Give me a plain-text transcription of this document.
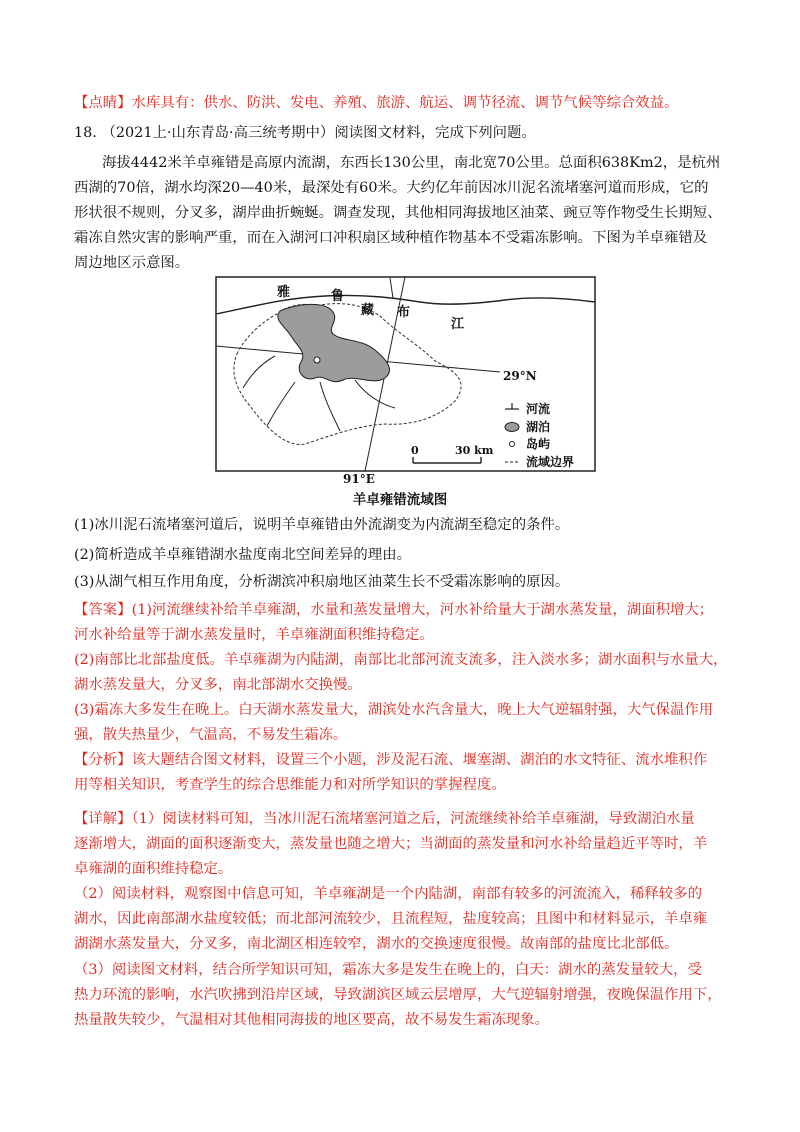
【点睛】水库具有：供水、防洪、发电、养殖、旅游、航运、调节径流、调节气候等综合效益。
18. （2021上·山东青岛·高三统考期中）阅读图文材料，完成下列问题。
海拔4442米羊卓雍错是高原内流湖，东西长130公里，南北宽70公里。总面积638Km2，是杭州
西湖的70倍，湖水均深20—40米，最深处有60米。大约亿年前因冰川泥名流堵塞河道而形成，它的
形状很不规则，分叉多，湖岸曲折蜿蜒。调查发现，其他相同海拔地区油菜、豌豆等作物受生长期短、
霜冻自然灾害的影响严重，而在入湖河口冲积扇区域种植作物基本不受霜冻影响。下图为羊卓雍错及
周边地区示意图。
雅	鲁
藏 布
江
29°N
河流
湖泊
岛屿
流域边界
0	30 km
91°E
羊卓雍错流域图
(1)冰川泥石流堵塞河道后，说明羊卓雍错由外流湖变为内流湖至稳定的条件。
(2)简析造成羊卓雍错湖水盐度南北空间差异的理由。
(3)从湖气相互作用角度，分析湖滨冲积扇地区油菜生长不受霜冻影响的原因。
【答案】(1)河流继续补给羊卓雍湖，水量和蒸发量增大，河水补给量大于湖水蒸发量，湖面积增大；
河水补给量等于湖水蒸发量时，羊卓雍湖面积维持稳定。
(2)南部比北部盐度低。羊卓雍湖为内陆湖，南部比北部河流支流多，注入淡水多；湖水面积与水量大，
湖水蒸发量大，分叉多，南北部湖水交换慢。
(3)霜冻大多发生在晚上。白天湖水蒸发量大，湖滨处水汽含量大，晚上大气逆辐射强，大气保温作用
强，散失热量少，气温高，不易发生霜冻。
【分析】该大题结合图文材料，设置三个小题，涉及泥石流、堰塞湖、湖泊的水文特征、流水堆积作
用等相关知识，考查学生的综合思维能力和对所学知识的掌握程度。
【详解】（1）阅读材料可知，当冰川泥石流堵塞河道之后，河流继续补给羊卓雍湖，导致湖泊水量
逐渐增大，湖面的面积逐渐变大，蒸发量也随之增大；当湖面的蒸发量和河水补给量趋近平等时，羊
卓雍湖的面积维持稳定。
（2）阅读材料，观察图中信息可知，羊卓雍湖是一个内陆湖，南部有较多的河流流入，稀释较多的
湖水，因此南部湖水盐度较低；而北部河流较少，且流程短，盐度较高；且图中和材料显示，羊卓雍
湖湖水蒸发量大，分叉多，南北湖区相连较窄，湖水的交换速度很慢。故南部的盐度比北部低。
（3）阅读图文材料，结合所学知识可知，霜冻大多是发生在晚上的，白天：湖水的蒸发量较大，受
热力环流的影响，水汽吹拂到沿岸区域，导致湖滨区域云层增厚，大气逆辐射增强，夜晚保温作用下，
热量散失较少，气温相对其他相同海拔的地区要高，故不易发生霜冻现象。
